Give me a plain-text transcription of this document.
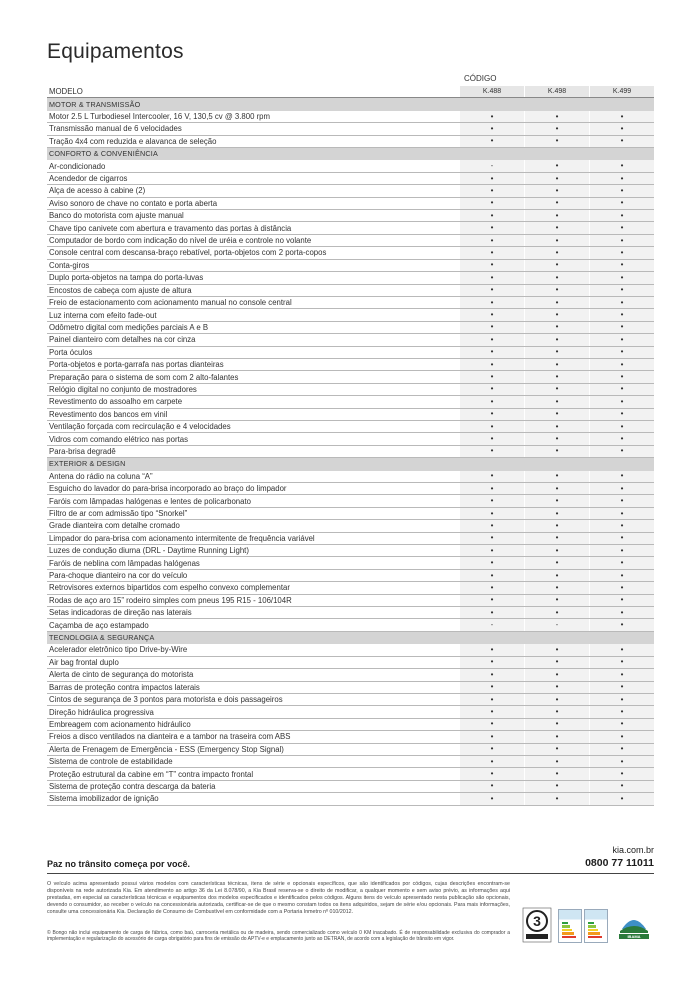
Equipamentos
CÓDIGO
MODELO	K.488	K.498	K.499
MOTOR & TRANSMISSÃO
Motor 2.5 L Turbodiesel Intercooler, 16 V, 130,5 cv @ 3.800 rpm	•	•	•
Transmissão manual de 6 velocidades	•	•	•
Tração 4x4 com reduzida e alavanca de seleção	•	•	•
CONFORTO & CONVENIÊNCIA
Ar-condicionado	-	•	•
Acendedor de cigarros	•	•	•
Alça de acesso à cabine (2)	•	•	•
Aviso sonoro de chave no contato e porta aberta	•	•	•
Banco do motorista com ajuste manual	•	•	•
Chave tipo canivete com abertura e travamento das portas à distância	•	•	•
Computador de bordo com indicação do nível de uréia e controle no volante	•	•	•
Console central com descansa-braço rebatível, porta-objetos com 2 porta-copos	•	•	•
Conta-giros	•	•	•
Duplo porta-objetos na tampa do porta-luvas	•	•	•
Encostos de cabeça com ajuste de altura	•	•	•
Freio de estacionamento com acionamento manual no console central	•	•	•
Luz interna com efeito fade-out	•	•	•
Odômetro digital com medições parciais A e B	•	•	•
Painel dianteiro com detalhes na cor cinza	•	•	•
Porta óculos	•	•	•
Porta-objetos e porta-garrafa nas portas dianteiras	•	•	•
Preparação para o sistema de som com 2 alto-falantes	•	•	•
Relógio digital no conjunto de mostradores	•	•	•
Revestimento do assoalho em carpete	•	•	•
Revestimento dos bancos em vinil	•	•	•
Ventilação forçada com recirculação e 4 velocidades	•	•	•
Vidros com comando elétrico nas portas	•	•	•
Para-brisa degradê	•	•	•
EXTERIOR & DESIGN
Antena do rádio na coluna “A”	•	•	•
Esguicho do lavador do para-brisa incorporado ao braço do limpador	•	•	•
Faróis com lâmpadas halógenas e lentes de policarbonato	•	•	•
Filtro de ar com admissão tipo “Snorkel”	•	•	•
Grade dianteira com detalhe cromado	•	•	•
Limpador do para-brisa com acionamento intermitente de frequência variável	•	•	•
Luzes de condução diurna (DRL - Daytime Running Light)	•	•	•
Faróis de neblina com lâmpadas halógenas	•	•	•
Para-choque dianteiro na cor do veículo	•	•	•
Retrovisores externos bipartidos com espelho convexo complementar	•	•	•
Rodas de aço aro 15” rodeiro simples com pneus 195 R15 - 106/104R	•	•	•
Setas indicadoras de direção nas laterais	•	•	•
Caçamba de aço estampado	-	-	•
TECNOLOGIA & SEGURANÇA
Acelerador eletrônico tipo Drive-by-Wire	•	•	•
Air bag frontal duplo	•	•	•
Alerta de cinto de segurança do motorista	•	•	•
Barras de proteção contra impactos laterais	•	•	•
Cintos de segurança de 3 pontos para motorista e dois passageiros	•	•	•
Direção hidráulica progressiva	•	•	•
Embreagem com acionamento hidráulico	•	•	•
Freios a disco ventilados na dianteira e a tambor na traseira com ABS	•	•	•
Alerta de Frenagem de Emergência - ESS (Emergency Stop Signal)	•	•	•
Sistema de controle de estabilidade	•	•	•
Proteção estrutural da cabine em “T” contra impacto frontal	•	•	•
Sistema de proteção contra descarga da bateria	•	•	•
Sistema imobilizador de ignição	•	•	•
kia.com.br
0800 77 11011
Paz no trânsito começa por você.
O veículo acima apresentado possui vários modelos com características técnicas, itens de série e opcionais específicos, que são identificados por códigos, cujas descrições encontram-se disponíveis na rede autorizada Kia. Em atendimento ao artigo 36 da Lei 8.078/90, a Kia Brasil reserva-se o direito de modificar, a qualquer momento e sem aviso prévio, as informações aqui prestadas, em especial as características técnicas e equipamentos dos modelos especificados e identificados pelos códigos. Alguns itens do veículo apresentado nesta publicação são opcionais, devendo o consumidor, ao receber o veículo na concessionária autorizada, certificar-se de que o mesmo constam todos os itens adquiridos, sejam de série e/ou opcionais. Para mais informações, consulte uma concessionária Kia. Declaração de Consumo de Combustível em conformidade com a Portaria Inmetro nº 010/2012.
© Bongo não inclui equipamento de carga de fábrica, como baú, carroceria metálica ou de madeira, sendo comercializado como veículo 0 KM inacabado. É de responsabilidade exclusiva do comprador a implementação e regularização do acessório de carga obrigatório para fins de emissão do APTV-e e emplacamento junto ao DETRAN, de acordo com a legislação de trânsito em vigor.
3
IBAMA
